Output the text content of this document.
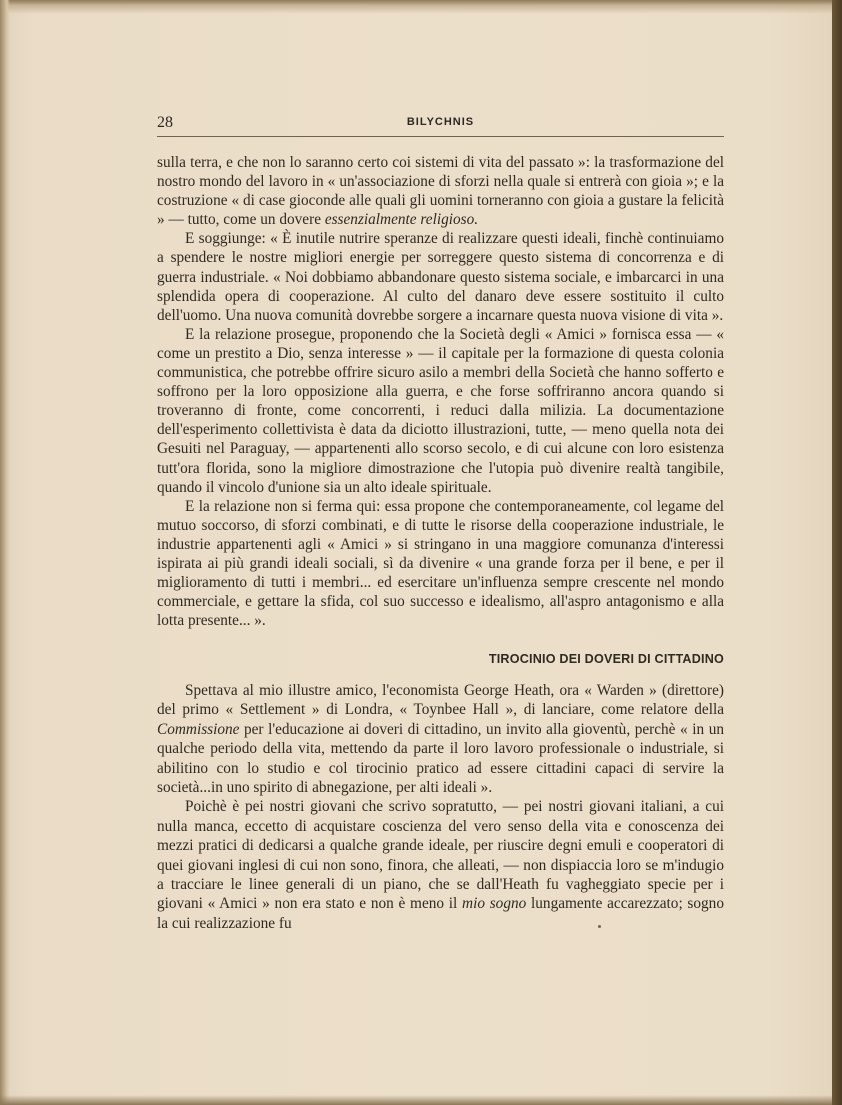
28	BILYCHNIS

sulla terra, e che non lo saranno certo coi sistemi di vita del passato »: la trasformazione del nostro mondo del lavoro in « un'associazione di sforzi nella quale si entrerà con gioia »; e la costruzione « di case gioconde alle quali gli uomini torneranno con gioia a gustare la felicità » — tutto, come un dovere essenzialmente religioso.

E soggiunge: « È inutile nutrire speranze di realizzare questi ideali, finchè continuiamo a spendere le nostre migliori energie per sorreggere questo sistema di concorrenza e di guerra industriale. « Noi dobbiamo abbandonare questo sistema sociale, e imbarcarci in una splendida opera di cooperazione. Al culto del danaro deve essere sostituito il culto dell'uomo. Una nuova comunità dovrebbe sorgere a incarnare questa nuova visione di vita ».

E la relazione prosegue, proponendo che la Società degli « Amici » fornisca essa — « come un prestito a Dio, senza interesse » — il capitale per la formazione di questa colonia communistica, che potrebbe offrire sicuro asilo a membri della Società che hanno sofferto e soffrono per la loro opposizione alla guerra, e che forse soffriranno ancora quando si troveranno di fronte, come concorrenti, i reduci dalla milizia. La documentazione dell'esperimento collettivista è data da diciotto illustrazioni, tutte, — meno quella nota dei Gesuiti nel Paraguay, — appartenenti allo scorso secolo, e di cui alcune con loro esistenza tutt'ora florida, sono la migliore dimostrazione che l'utopia può divenire realtà tangibile, quando il vincolo d'unione sia un alto ideale spirituale.

E la relazione non si ferma qui: essa propone che contemporaneamente, col legame del mutuo soccorso, di sforzi combinati, e di tutte le risorse della cooperazione industriale, le industrie appartenenti agli « Amici » si stringano in una maggiore comunanza d'interessi ispirata ai più grandi ideali sociali, sì da divenire « una grande forza per il bene, e per il miglioramento di tutti i membri... ed esercitare un'influenza sempre crescente nel mondo commerciale, e gettare la sfida, col suo successo e idealismo, all'aspro antagonismo e alla lotta presente... ».

TIROCINIO DEI DOVERI DI CITTADINO

Spettava al mio illustre amico, l'economista George Heath, ora « Warden » (direttore) del primo « Settlement » di Londra, « Toynbee Hall », di lanciare, come relatore della Commissione per l'educazione ai doveri di cittadino, un invito alla gioventù, perchè « in un qualche periodo della vita, mettendo da parte il loro lavoro professionale o industriale, si abilitino con lo studio e col tirocinio pratico ad essere cittadini capaci di servire la società...in uno spirito di abnegazione, per alti ideali ».

Poichè è pei nostri giovani che scrivo sopratutto, — pei nostri giovani italiani, a cui nulla manca, eccetto di acquistare coscienza del vero senso della vita e conoscenza dei mezzi pratici di dedicarsi a qualche grande ideale, per riuscire degni emuli e cooperatori di quei giovani inglesi di cui non sono, finora, che alleati, — non dispiaccia loro se m'indugio a tracciare le linee generali di un piano, che se dall'Heath fu vagheggiato specie per i giovani « Amici » non era stato e non è meno il mio sogno lungamente accarezzato; sogno la cui realizzazione fu
